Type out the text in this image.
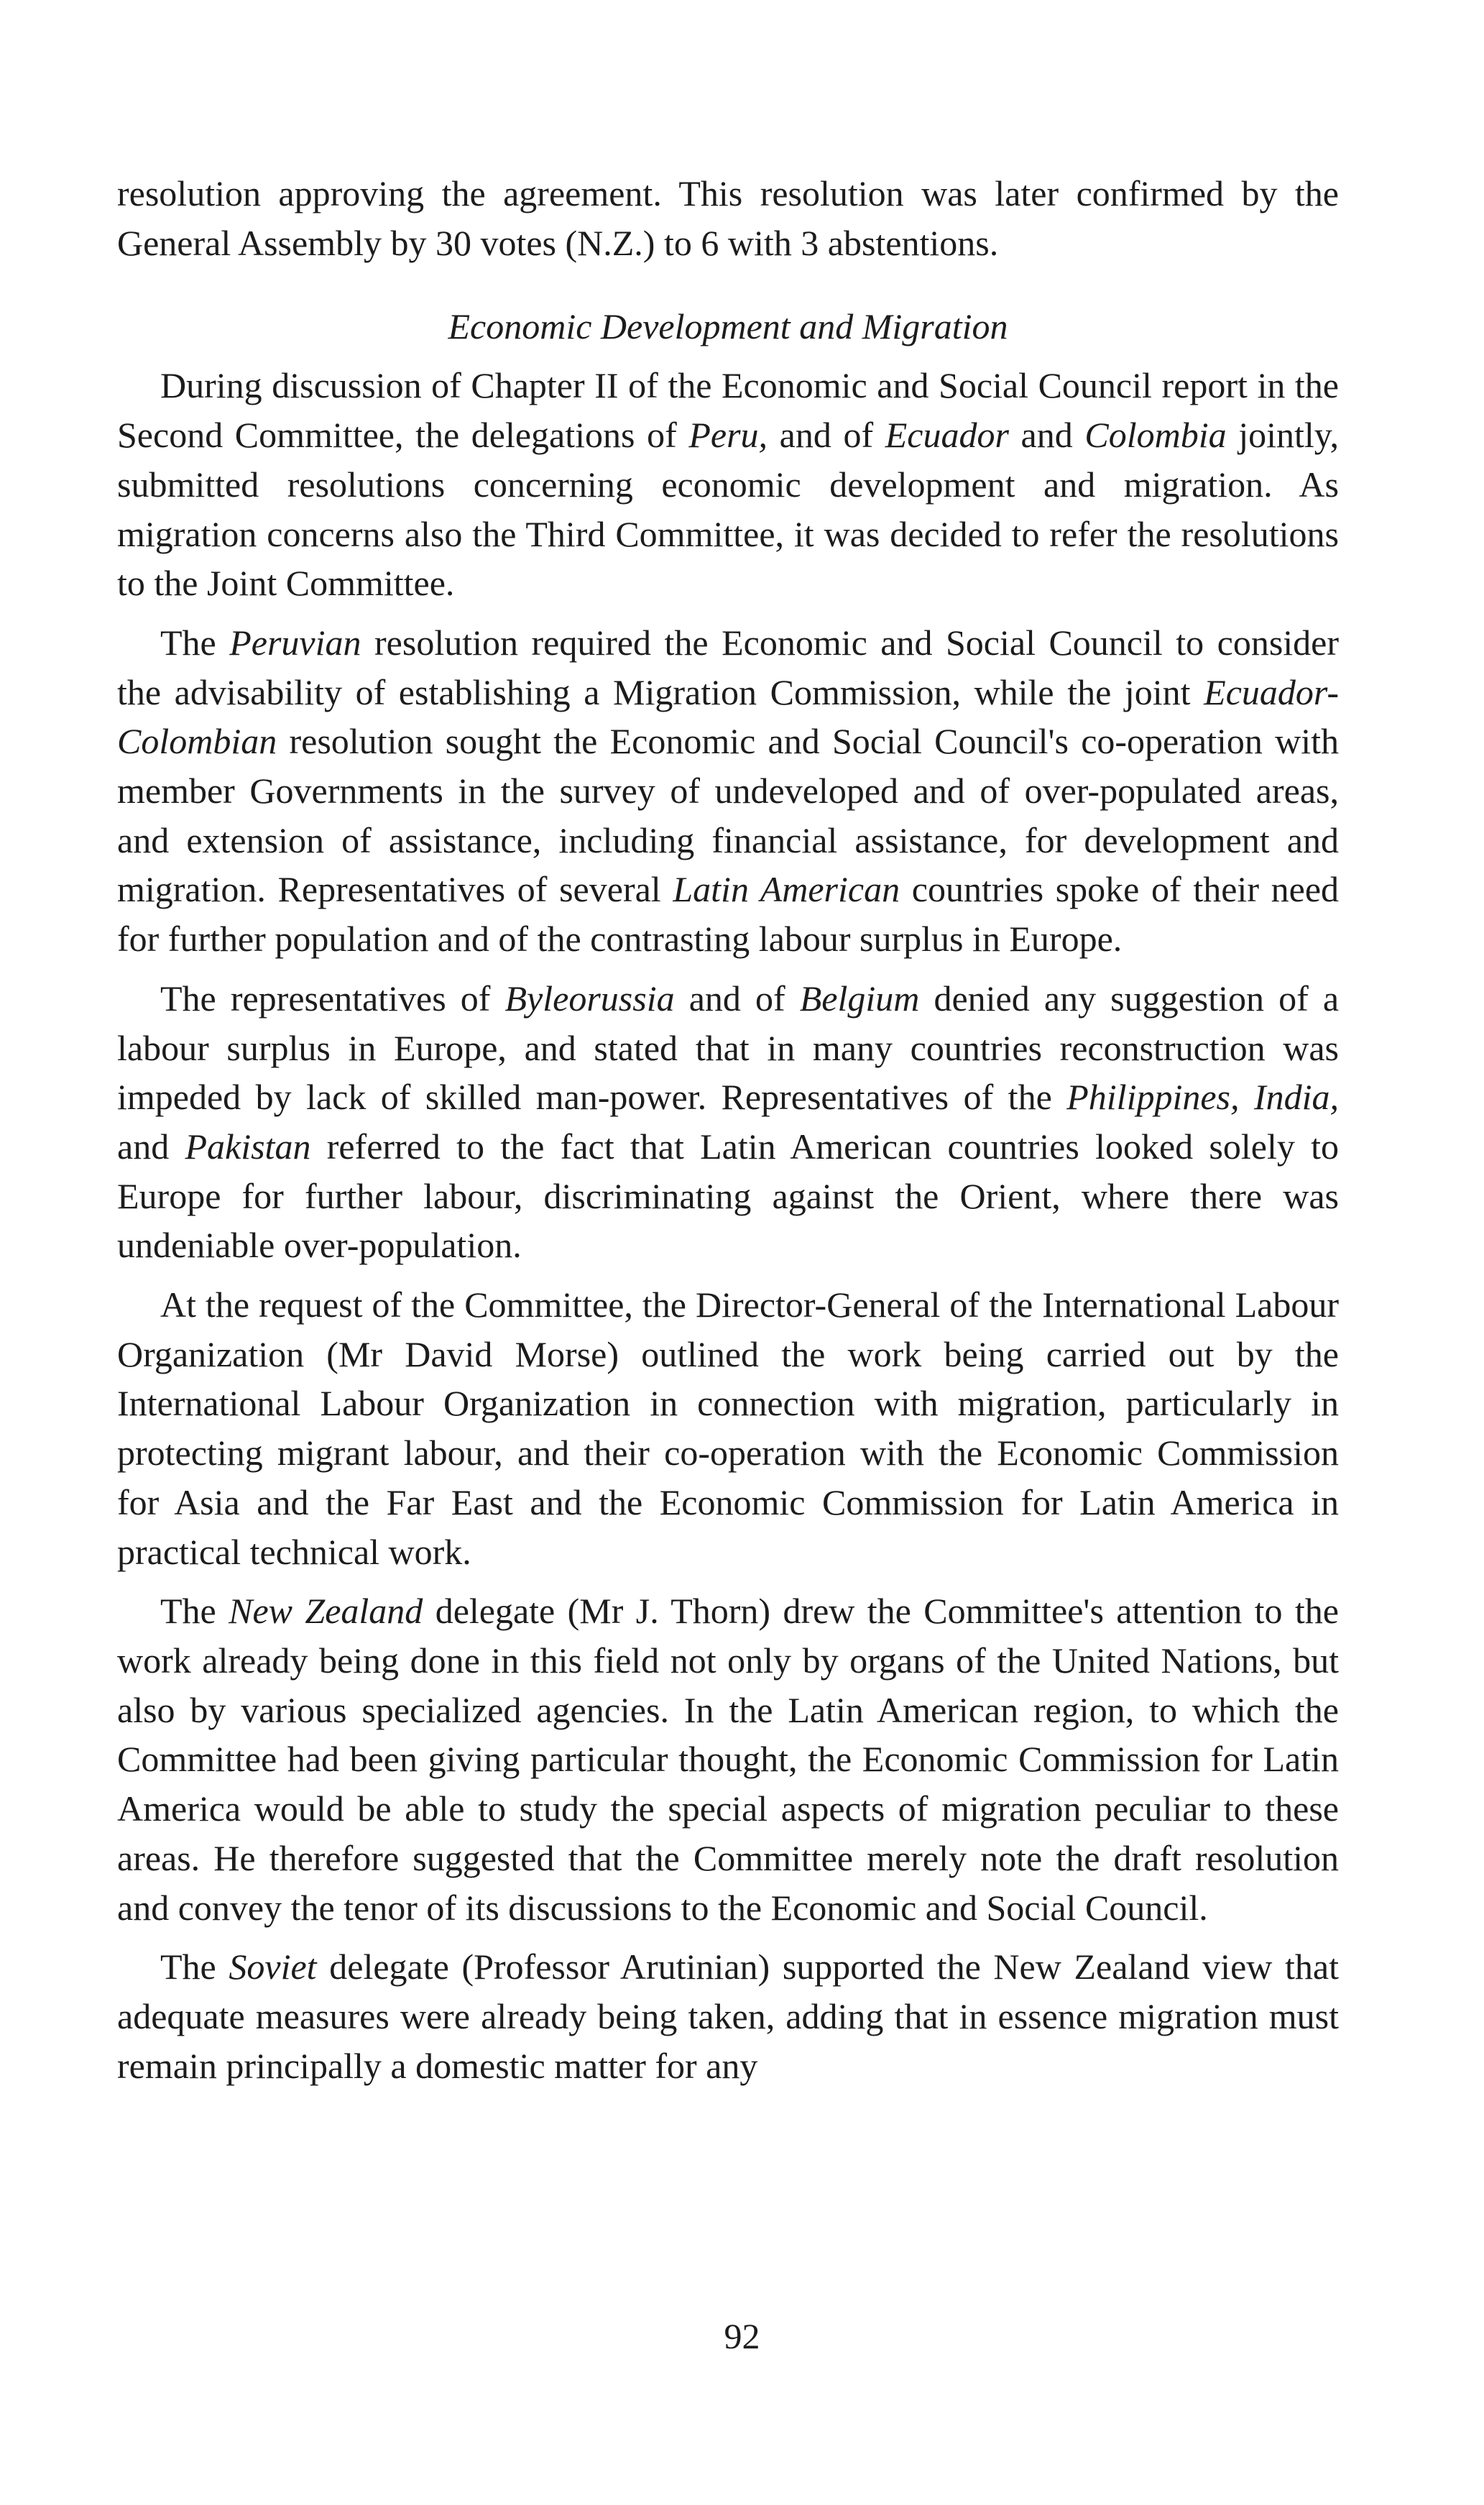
resolution approving the agreement. This resolution was later confirmed by the General Assembly by 30 votes (N.Z.) to 6 with 3 abstentions.

Economic Development and Migration

During discussion of Chapter II of the Economic and Social Council report in the Second Committee, the delegations of Peru, and of Ecuador and Colombia jointly, submitted resolutions concerning economic development and migration. As migration concerns also the Third Committee, it was decided to refer the resolutions to the Joint Committee.

The Peruvian resolution required the Economic and Social Council to consider the advisability of establishing a Migration Commission, while the joint Ecuador-Colombian resolution sought the Economic and Social Council's co-operation with member Governments in the survey of undeveloped and of over-populated areas, and extension of assistance, including financial assistance, for development and migration. Representatives of several Latin American countries spoke of their need for further population and of the contrasting labour surplus in Europe.

The representatives of Byleorussia and of Belgium denied any suggestion of a labour surplus in Europe, and stated that in many countries reconstruction was impeded by lack of skilled man-power. Representatives of the Philippines, India, and Pakistan referred to the fact that Latin American countries looked solely to Europe for further labour, discriminating against the Orient, where there was undeniable over-population.

At the request of the Committee, the Director-General of the International Labour Organization (Mr David Morse) outlined the work being carried out by the International Labour Organization in connection with migration, particularly in protecting migrant labour, and their co-operation with the Economic Commission for Asia and the Far East and the Economic Commission for Latin America in practical technical work.

The New Zealand delegate (Mr J. Thorn) drew the Committee's attention to the work already being done in this field not only by organs of the United Nations, but also by various specialized agencies. In the Latin American region, to which the Committee had been giving particular thought, the Economic Commission for Latin America would be able to study the special aspects of migration peculiar to these areas. He therefore suggested that the Committee merely note the draft resolution and convey the tenor of its discussions to the Economic and Social Council.

The Soviet delegate (Professor Arutinian) supported the New Zealand view that adequate measures were already being taken, adding that in essence migration must remain principally a domestic matter for any

92
